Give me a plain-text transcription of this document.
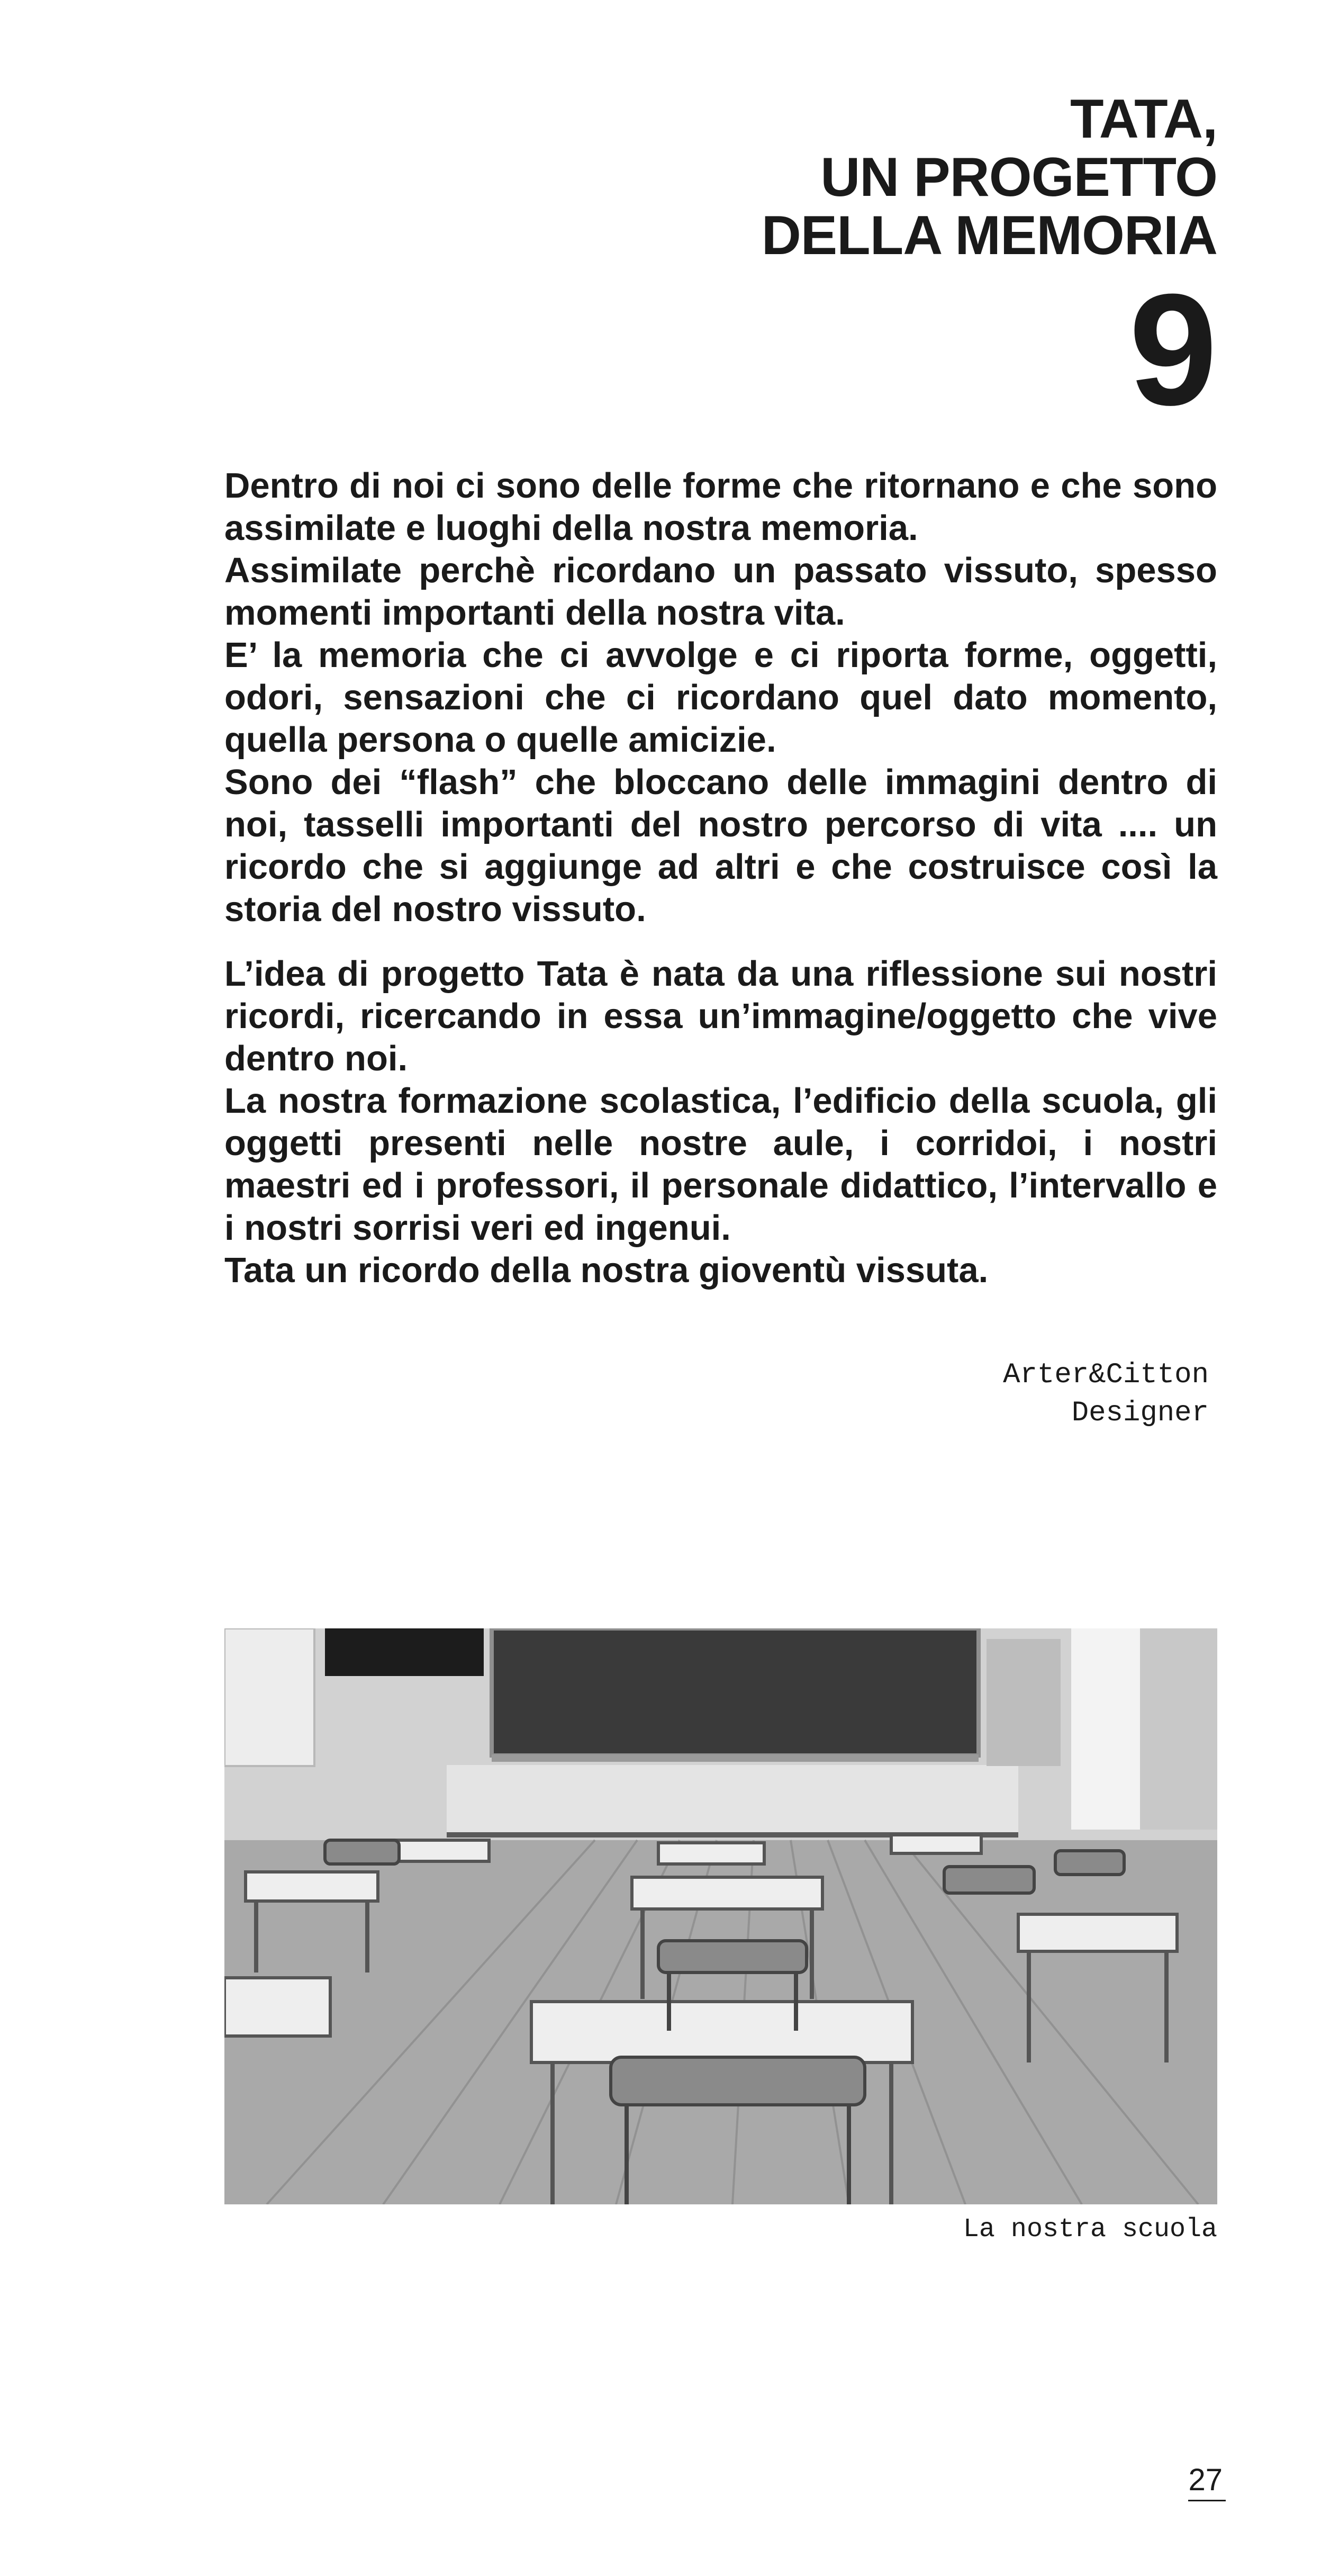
TATA,
UN PROGETTO
DELLA MEMORIA
9

Dentro di noi ci sono delle forme che ritornano e che sono assimilate e luoghi della nostra memoria.

Assimilate perchè ricordano un passato vissuto, spesso momenti importanti della nostra vita.

E’ la memoria che ci avvolge e ci riporta forme, oggetti, odori, sensazioni che ci ricordano quel dato momento, quella persona o quelle amicizie.

Sono dei “flash” che bloccano delle immagini dentro di noi, tasselli importanti del nostro percorso di vita .... un ricordo che si aggiunge ad altri e che costruisce così la storia del nostro vissuto.

L’idea di progetto Tata è nata da una riflessione sui nostri ricordi, ricercando in essa un’immagine/oggetto che vive dentro noi.

La nostra formazione scolastica, l’edificio della scuola, gli oggetti presenti nelle nostre aule, i corridoi, i nostri maestri ed i professori, il personale didattico, l’intervallo e i nostri sorrisi veri ed ingenui.

Tata un ricordo della nostra gioventù vissuta.

Arter&Citton
Designer
La nostra scuola
27
